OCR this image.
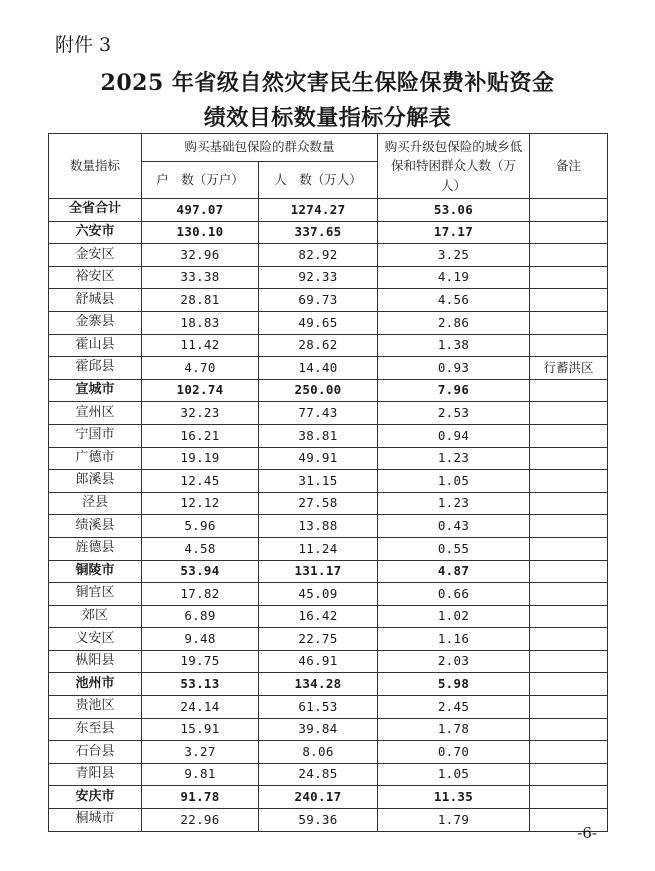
附件 3
2025 年省级自然灾害民生保险保费补贴资金
绩效目标数量指标分解表
数量指标	购买基础包保险的群众数量		购买升级包保险的城乡低保和特困群众人数（万人）	备注
	户　数（万户）	人　数（万人）		
全省合计	497.07	1274.27	53.06	
六安市	130.10	337.65	17.17	
金安区	32.96	82.92	3.25	
裕安区	33.38	92.33	4.19	
舒城县	28.81	69.73	4.56	
金寨县	18.83	49.65	2.86	
霍山县	11.42	28.62	1.38	
霍邱县	4.70	14.40	0.93	行蓄洪区
宣城市	102.74	250.00	7.96	
宣州区	32.23	77.43	2.53	
宁国市	16.21	38.81	0.94	
广德市	19.19	49.91	1.23	
郎溪县	12.45	31.15	1.05	
泾县	12.12	27.58	1.23	
绩溪县	5.96	13.88	0.43	
旌德县	4.58	11.24	0.55	
铜陵市	53.94	131.17	4.87	
铜官区	17.82	45.09	0.66	
郊区	6.89	16.42	1.02	
义安区	9.48	22.75	1.16	
枞阳县	19.75	46.91	2.03	
池州市	53.13	134.28	5.98	
贵池区	24.14	61.53	2.45	
东至县	15.91	39.84	1.78	
石台县	3.27	8.06	0.70	
青阳县	9.81	24.85	1.05	
安庆市	91.78	240.17	11.35	
桐城市	22.96	59.36	1.79	
-6-
